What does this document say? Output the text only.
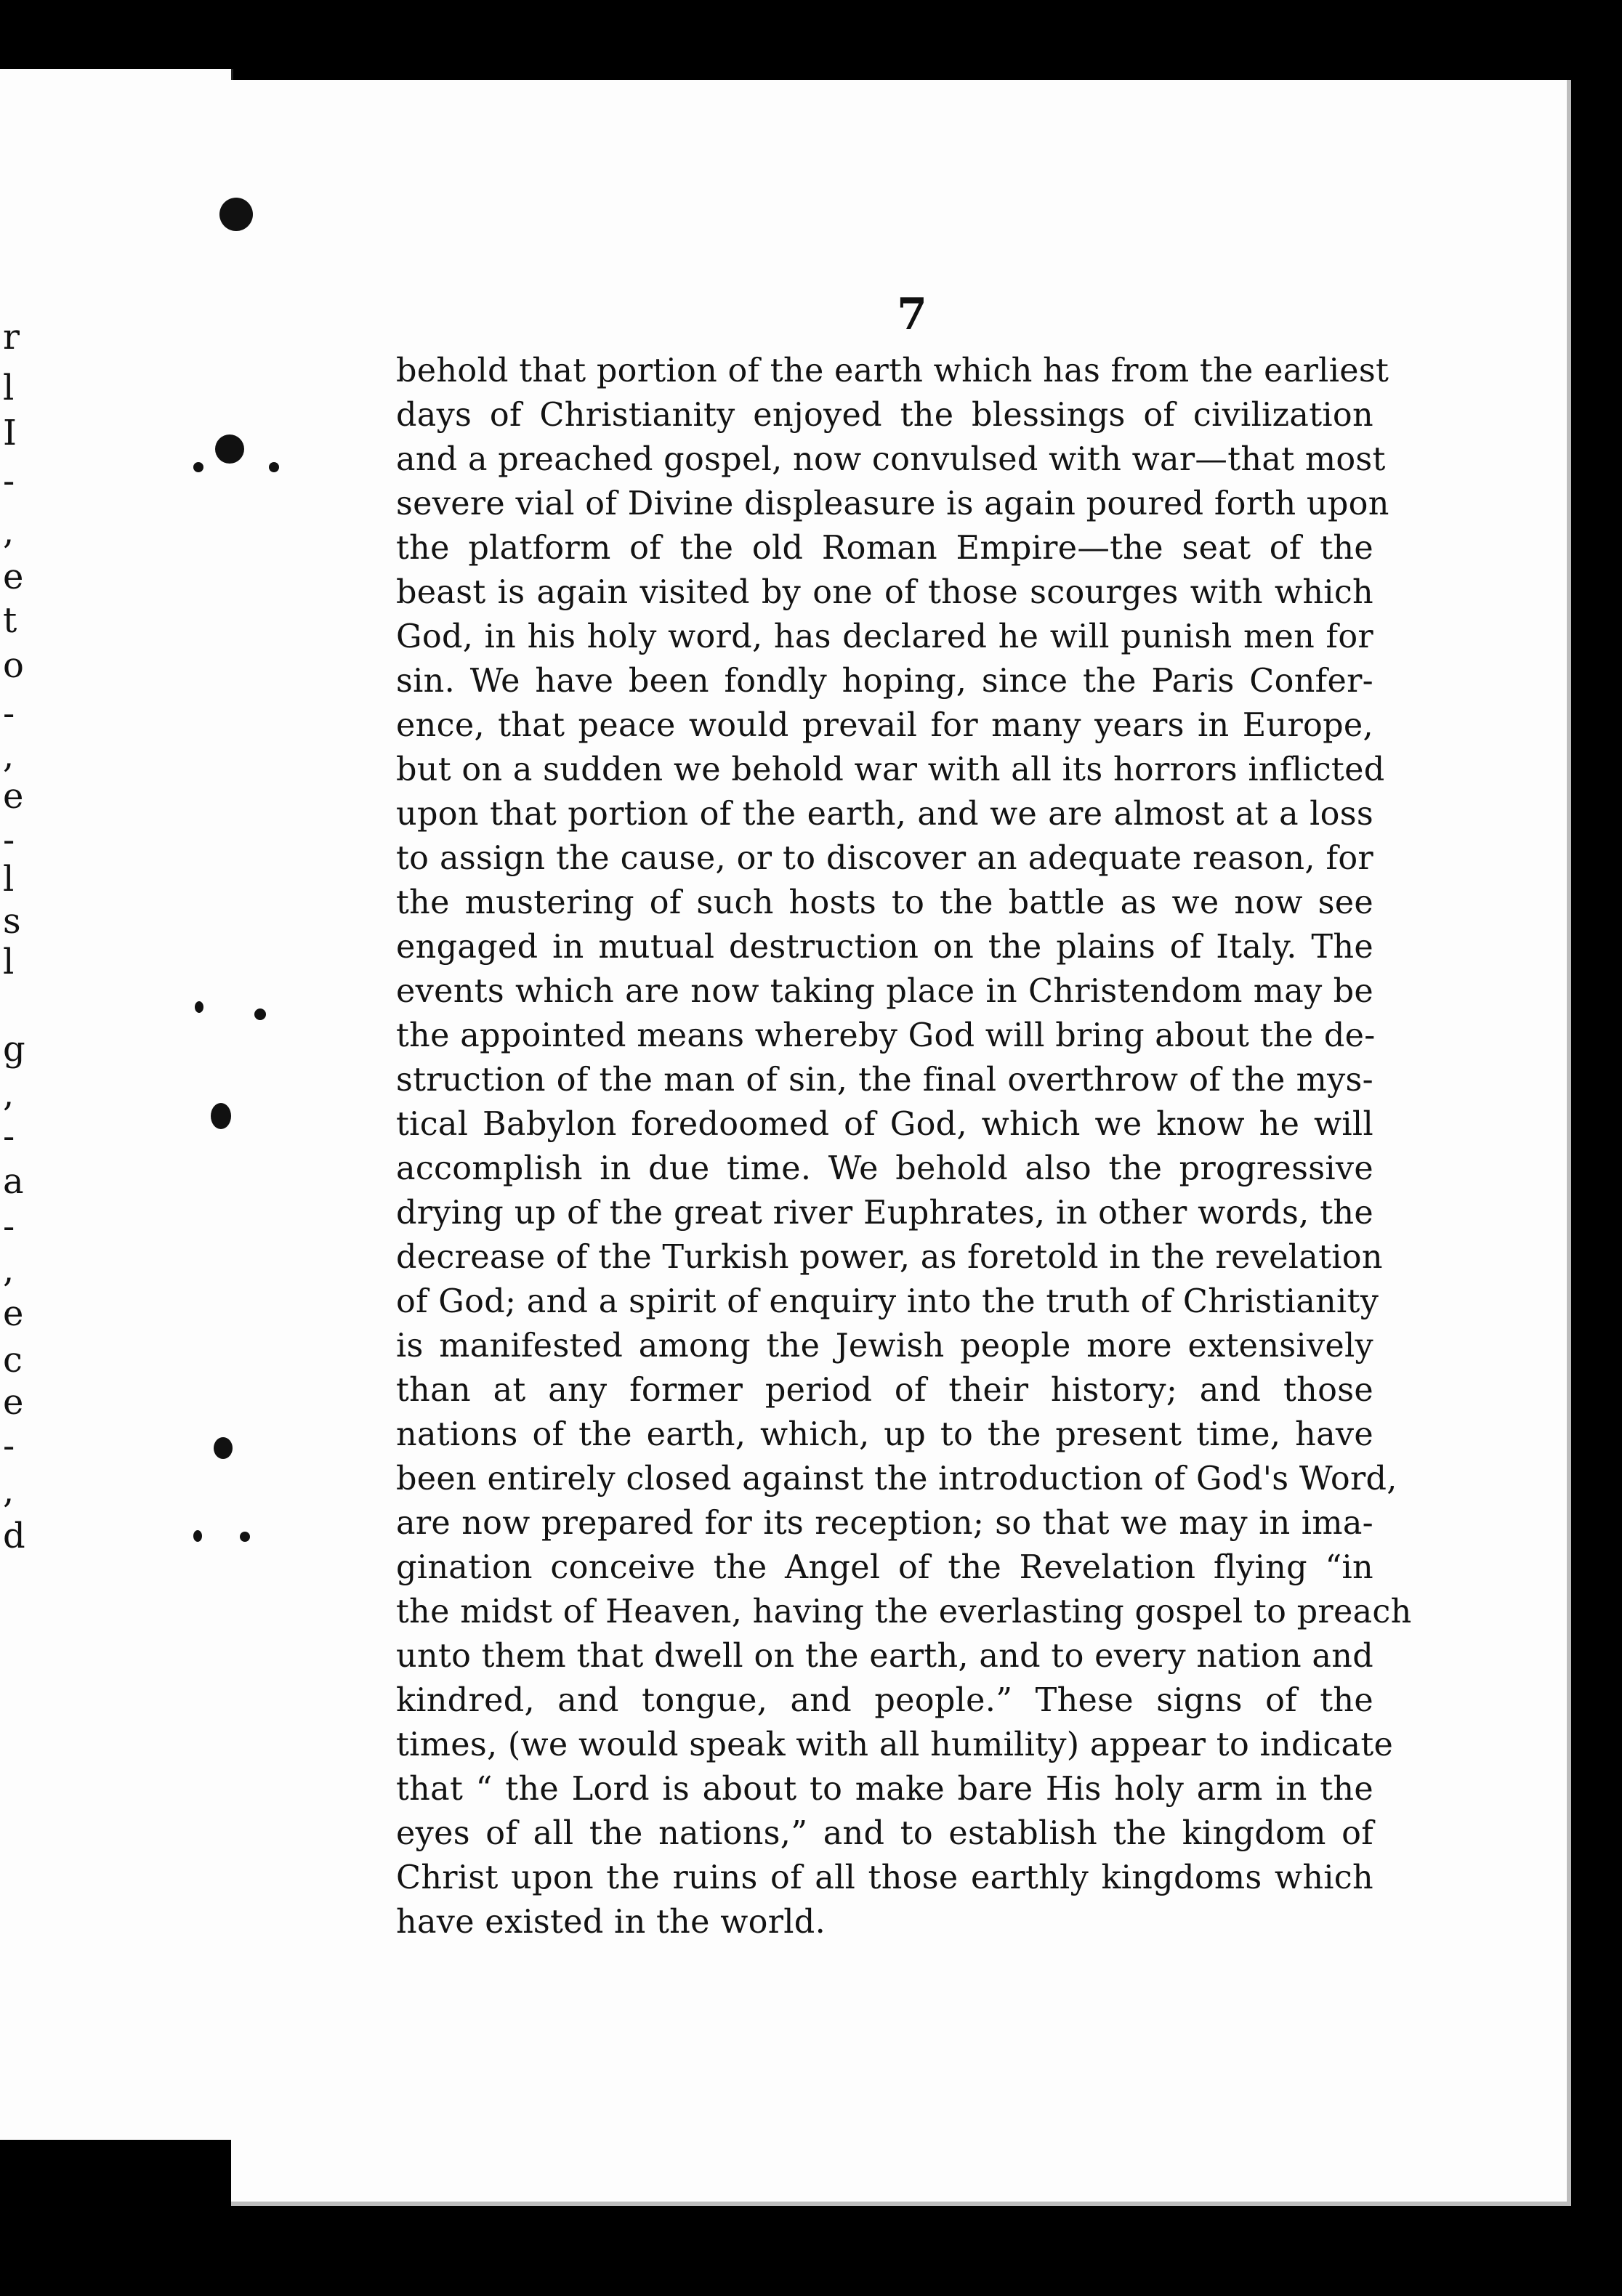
r
l
I
-
,
e
t
o
-
,
e
-
l
s
l
g
,
-
a
-
,
e
c
e
-
,
d
7
behold that portion of the earth which has from the earliest
days of Christianity enjoyed the blessings of civilization
and a preached gospel, now convulsed with war—that most
severe vial of Divine displeasure is again poured forth upon
the platform of the old Roman Empire—the seat of the
beast is again visited by one of those scourges with which
God, in his holy word, has declared he will punish men for
sin. We have been fondly hoping, since the Paris Confer-
ence, that peace would prevail for many years in Europe,
but on a sudden we behold war with all its horrors inflicted
upon that portion of the earth, and we are almost at a loss
to assign the cause, or to discover an adequate reason, for
the mustering of such hosts to the battle as we now see
engaged in mutual destruction on the plains of Italy. The
events which are now taking place in Christendom may be
the appointed means whereby God will bring about the de-
struction of the man of sin, the final overthrow of the mys-
tical Babylon foredoomed of God, which we know he will
accomplish in due time. We behold also the progressive
drying up of the great river Euphrates, in other words, the
decrease of the Turkish power, as foretold in the revelation
of God; and a spirit of enquiry into the truth of Christianity
is manifested among the Jewish people more extensively
than at any former period of their history; and those
nations of the earth, which, up to the present time, have
been entirely closed against the introduction of God's Word,
are now prepared for its reception; so that we may in ima-
gination conceive the Angel of the Revelation flying “in
the midst of Heaven, having the everlasting gospel to preach
unto them that dwell on the earth, and to every nation and
kindred, and tongue, and people.” These signs of the
times, (we would speak with all humility) appear to indicate
that “ the Lord is about to make bare His holy arm in the
eyes of all the nations,” and to establish the kingdom of
Christ upon the ruins of all those earthly kingdoms which
have existed in the world.
